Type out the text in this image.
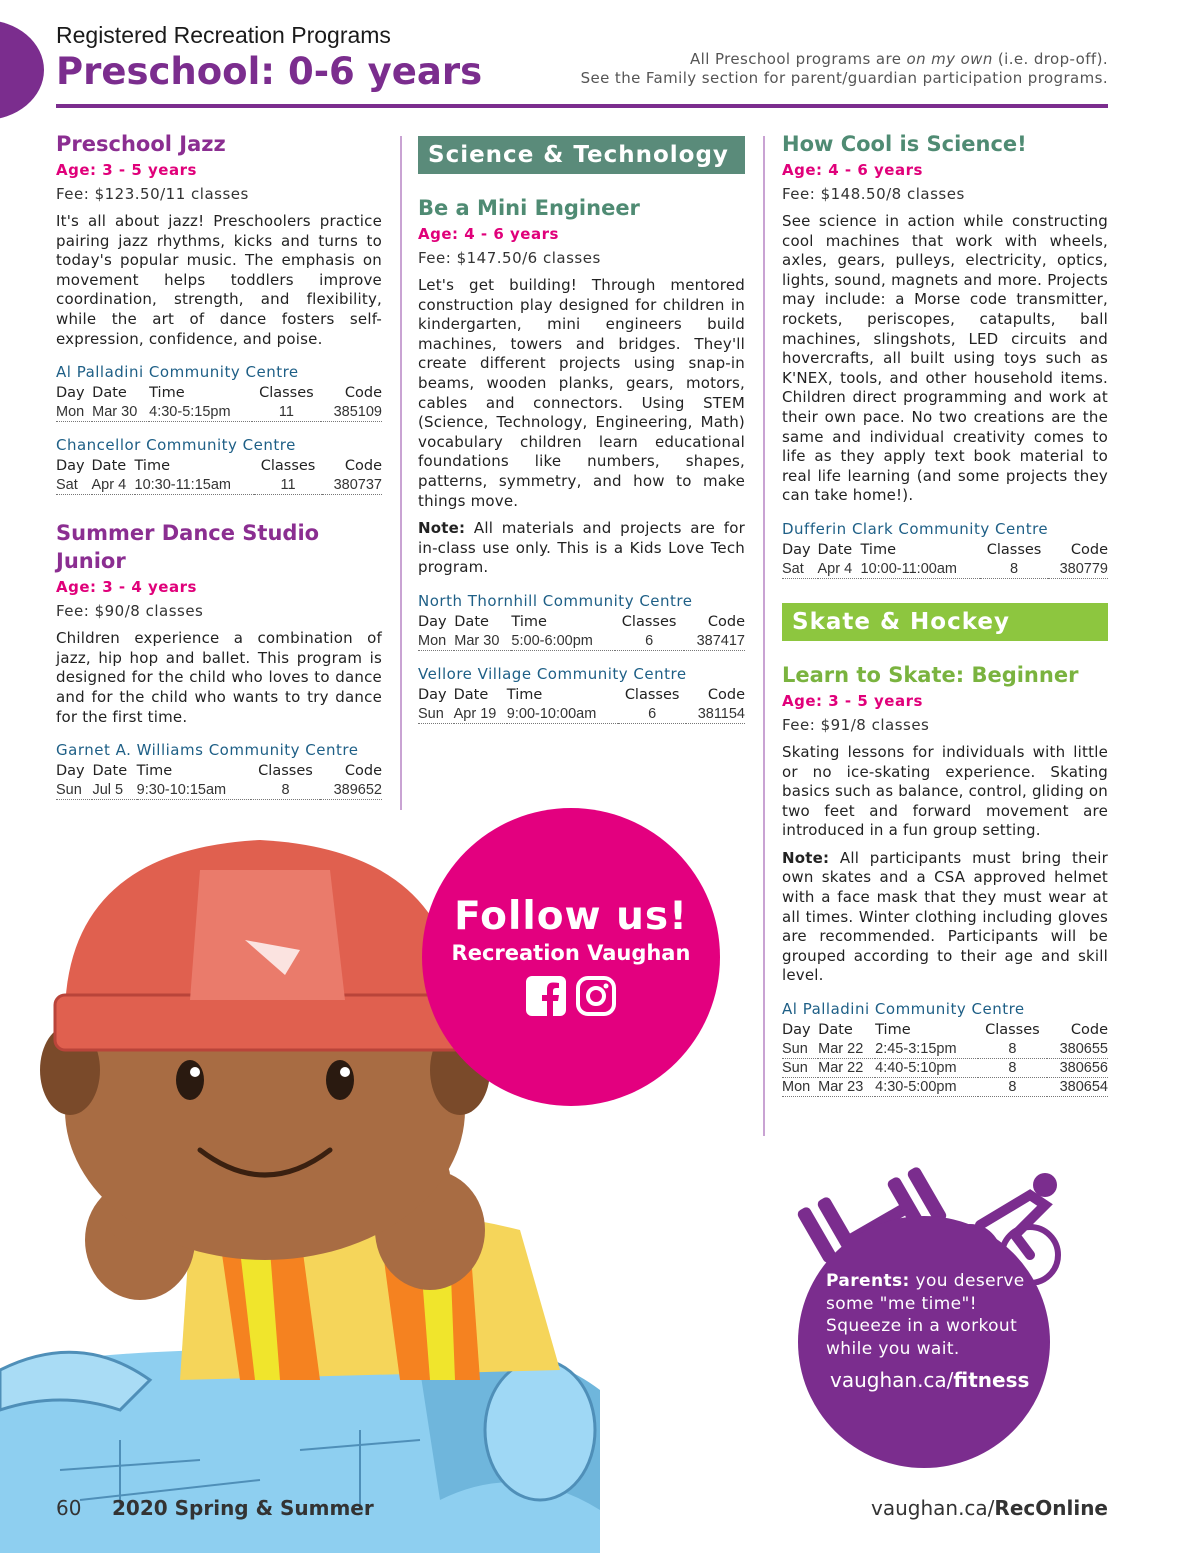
Registered Recreation Programs
Preschool: 0-6 years	All Preschool programs are on my own (i.e. drop-off).
See the Family section for parent/guardian participation programs.
Preschool Jazz
Age: 3 - 5 years
Fee: $123.50/11 classes

It's all about jazz! Preschoolers practice pairing jazz rhythms, kicks and turns to today's popular music. The emphasis on movement helps toddlers improve coordination, strength, and flexibility, while the art of dance fosters self-expression, confidence, and poise.

Al Palladini Community Centre
Day	Date	Time	Classes	Code
Mon	Mar 30	4:30-5:15pm	11	385109
Chancellor Community Centre
Day	Date	Time	Classes	Code
Sat	Apr 4	10:30-11:15am	11	380737
Summer Dance Studio Junior
Age: 3 - 4 years
Fee: $90/8 classes

Children experience a combination of jazz, hip hop and ballet. This program is designed for the child who loves to dance and for the child who wants to try dance for the first time.

Garnet A. Williams Community Centre
Day	Date	Time	Classes	Code
Sun	Jul 5	9:30-10:15am	8	389652
Science & Technology
Be a Mini Engineer
Age: 4 - 6 years
Fee: $147.50/6 classes

Let's get building! Through mentored construction play designed for children in kindergarten, mini engineers build machines, towers and bridges. They'll create different projects using snap-in beams, wooden planks, gears, motors, cables and connectors. Using STEM (Science, Technology, Engineering, Math) vocabulary children learn educational foundations like numbers, shapes, patterns, symmetry, and how to make things move.

Note: All materials and projects are for in-class use only. This is a Kids Love Tech program.

North Thornhill Community Centre
Day	Date	Time	Classes	Code
Mon	Mar 30	5:00-6:00pm	6	387417
Vellore Village Community Centre
Day	Date	Time	Classes	Code
Sun	Apr 19	9:00-10:00am	6	381154
How Cool is Science!
Age: 4 - 6 years
Fee: $148.50/8 classes

See science in action while constructing cool machines that work with wheels, axles, gears, pulleys, electricity, optics, lights, sound, magnets and more. Projects may include: a Morse code transmitter, rockets, periscopes, catapults, ball machines, slingshots, LED circuits and hovercrafts, all built using toys such as K'NEX, tools, and other household items. Children direct programming and work at their own pace. No two creations are the same and individual creativity comes to life as they apply text book material to real life learning (and some projects they can take home!).

Dufferin Clark Community Centre
Day	Date	Time	Classes	Code
Sat	Apr 4	10:00-11:00am	8	380779
Skate & Hockey
Learn to Skate: Beginner
Age: 3 - 5 years
Fee: $91/8 classes

Skating lessons for individuals with little or no ice-skating experience. Skating basics such as balance, control, gliding on two feet and forward movement are introduced in a fun group setting.

Note: All participants must bring their own skates and a CSA approved helmet with a face mask that they must wear at all times. Winter clothing including gloves are recommended. Participants will be grouped according to their age and skill level.

Al Palladini Community Centre
Day	Date	Time	Classes	Code
Sun	Mar 22	2:45-3:15pm	8	380655
Sun	Mar 22	4:40-5:10pm	8	380656
Mon	Mar 23	4:30-5:00pm	8	380654
Follow us!
Recreation Vaughan
Parents: you deserve some "me time"! Squeeze in a workout while you wait.
vaughan.ca/fitness
60 2020 Spring & Summer	vaughan.ca/RecOnline
